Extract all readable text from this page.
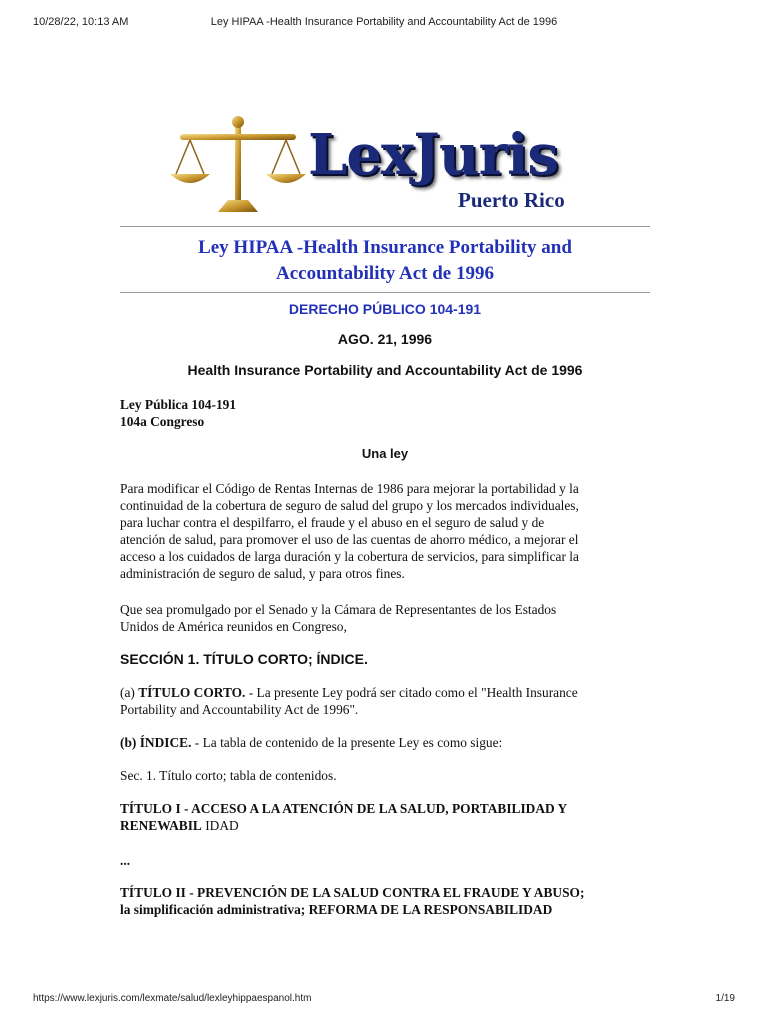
10/28/22, 10:13 AM	Ley HIPAA -Health Insurance Portability and Accountability Act de 1996
LexJuris
Puerto Rico
Ley HIPAA -Health Insurance Portability and
Accountability Act de 1996
DERECHO PÚBLICO 104-191
AGO. 21, 1996
Health Insurance Portability and Accountability Act de 1996
Ley Pública 104-191
104a Congreso
Una ley
Para modificar el Código de Rentas Internas de 1986 para mejorar la portabilidad y la
continuidad de la cobertura de seguro de salud del grupo y los mercados individuales,
para luchar contra el despilfarro, el fraude y el abuso en el seguro de salud y de
atención de salud, para promover el uso de las cuentas de ahorro médico, a mejorar el
acceso a los cuidados de larga duración y la cobertura de servicios, para simplificar la
administración de seguro de salud, y para otros fines.
Que sea promulgado por el Senado y la Cámara de Representantes de los Estados
Unidos de América reunidos en Congreso,
SECCIÓN 1. TÍTULO CORTO; ÍNDICE.
(a) TÍTULO CORTO. - La presente Ley podrá ser citado como el "Health Insurance
Portability and Accountability Act de 1996".
(b) ÍNDICE. - La tabla de contenido de la presente Ley es como sigue:
Sec. 1. Título corto; tabla de contenidos.
TÍTULO I - ACCESO A LA ATENCIÓN DE LA SALUD, PORTABILIDAD Y
RENEWABIL IDAD
...
TÍTULO II - PREVENCIÓN DE LA SALUD CONTRA EL FRAUDE Y ABUSO;
la simplificación administrativa; REFORMA DE LA RESPONSABILIDAD
https://www.lexjuris.com/lexmate/salud/lexleyhippaespanol.htm	1/19
